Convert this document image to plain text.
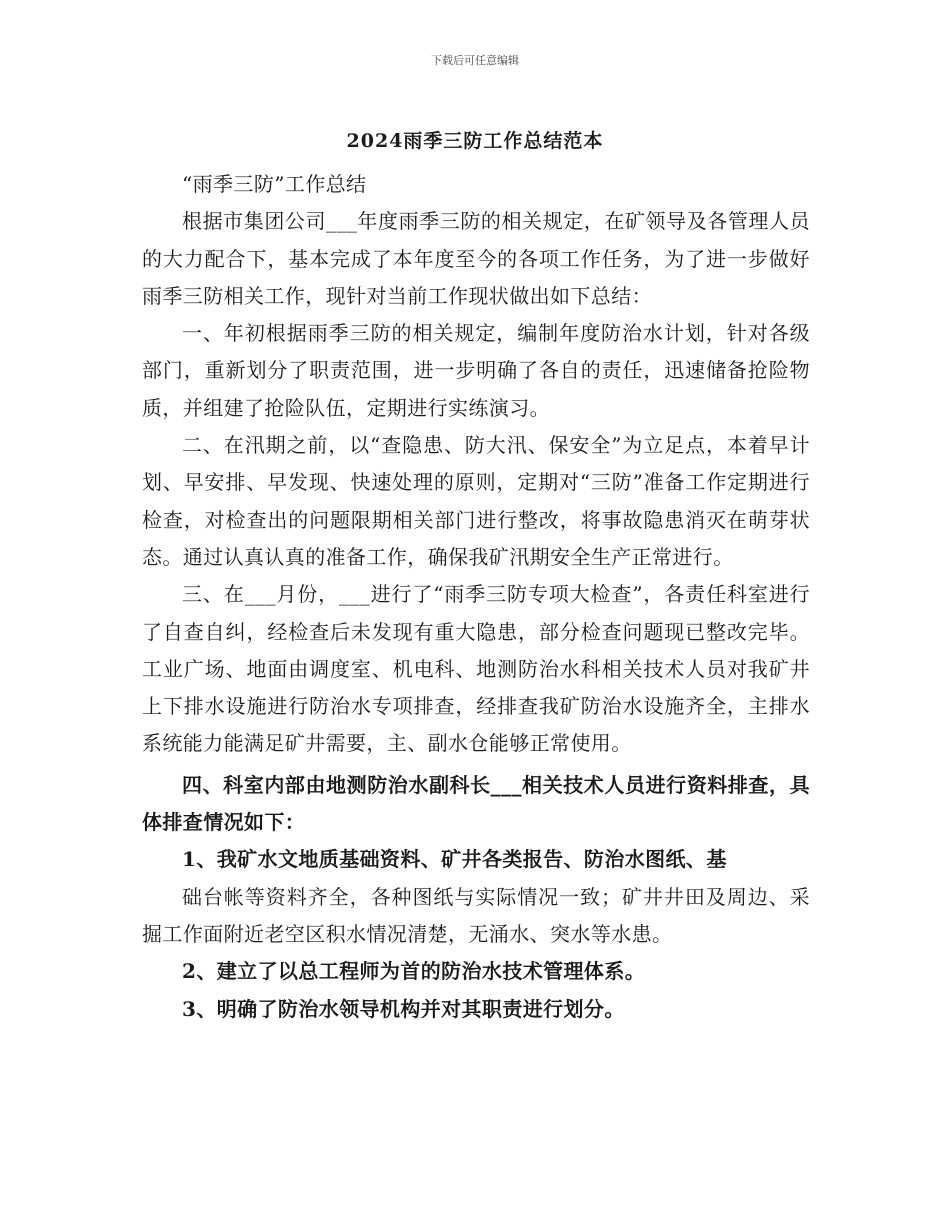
下载后可任意编辑
2024雨季三防工作总结范本

“雨季三防”工作总结

根据市集团公司___年度雨季三防的相关规定，在矿领导及各管理人员的大力配合下，基本完成了本年度至今的各项工作任务，为了进一步做好雨季三防相关工作，现针对当前工作现状做出如下总结：

一、年初根据雨季三防的相关规定，编制年度防治水计划，针对各级部门，重新划分了职责范围，进一步明确了各自的责任，迅速储备抢险物质，并组建了抢险队伍，定期进行实练演习。

二、在汛期之前，以“查隐患、防大汛、保安全”为立足点，本着早计划、早安排、早发现、快速处理的原则，定期对“三防”准备工作定期进行检查，对检查出的问题限期相关部门进行整改，将事故隐患消灭在萌芽状态。通过认真认真的准备工作，确保我矿汛期安全生产正常进行。

三、在___月份，___进行了“雨季三防专项大检查”，各责任科室进行了自查自纠，经检查后未发现有重大隐患，部分检查问题现已整改完毕。工业广场、地面由调度室、机电科、地测防治水科相关技术人员对我矿井上下排水设施进行防治水专项排查，经排查我矿防治水设施齐全，主排水系统能力能满足矿井需要，主、副水仓能够正常使用。

四、科室内部由地测防治水副科长___相关技术人员进行资料排查，具体排查情况如下：

1、我矿水文地质基础资料、矿井各类报告、防治水图纸、基

础台帐等资料齐全，各种图纸与实际情况一致；矿井井田及周边、采掘工作面附近老空区积水情况清楚，无涌水、突水等水患。

2、建立了以总工程师为首的防治水技术管理体系。

3、明确了防治水领导机构并对其职责进行划分。
